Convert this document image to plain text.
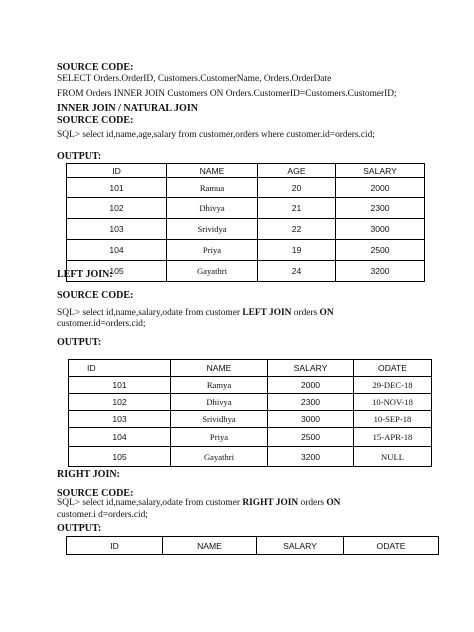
SOURCE CODE:
SELECT Orders.OrderID, Customers.CustomerName, Orders.OrderDate
FROM Orders INNER JOIN Customers ON Orders.CustomerID=Customers.CustomerID;
INNER JOIN / NATURAL JOIN
SOURCE CODE:
SQL> select id,name,age,salary from customer,orders where customer.id=orders.cid;
OUTPUT:
ID	NAME	AGE	SALARY
101	Ramua	20	2000
102	Dhivya	21	2300
103	Srividya	22	3000
104	Priya	19	2500
105	Gayathri	24	3200
LEFT JOIN:
SOURCE CODE:
SQL> select id,name,salary,odate from customer LEFT JOIN orders ON
customer.id=orders.cid;
OUTPUT:
ID	NAME	SALARY	ODATE
101	Ramya	2000	29-DEC-18
102	Dhivya	2300	10-NOV-18
103	Srividhya	3000	10-SEP-18
104	Priya	2500	15-APR-18
105	Gayathri	3200	NULL
RIGHT JOIN:
SOURCE CODE:
SQL> select id,name,salary,odate from customer RIGHT JOIN orders ON
customer.i d=orders.cid;
OUTPUT:
ID	NAME	SALARY	ODATE
